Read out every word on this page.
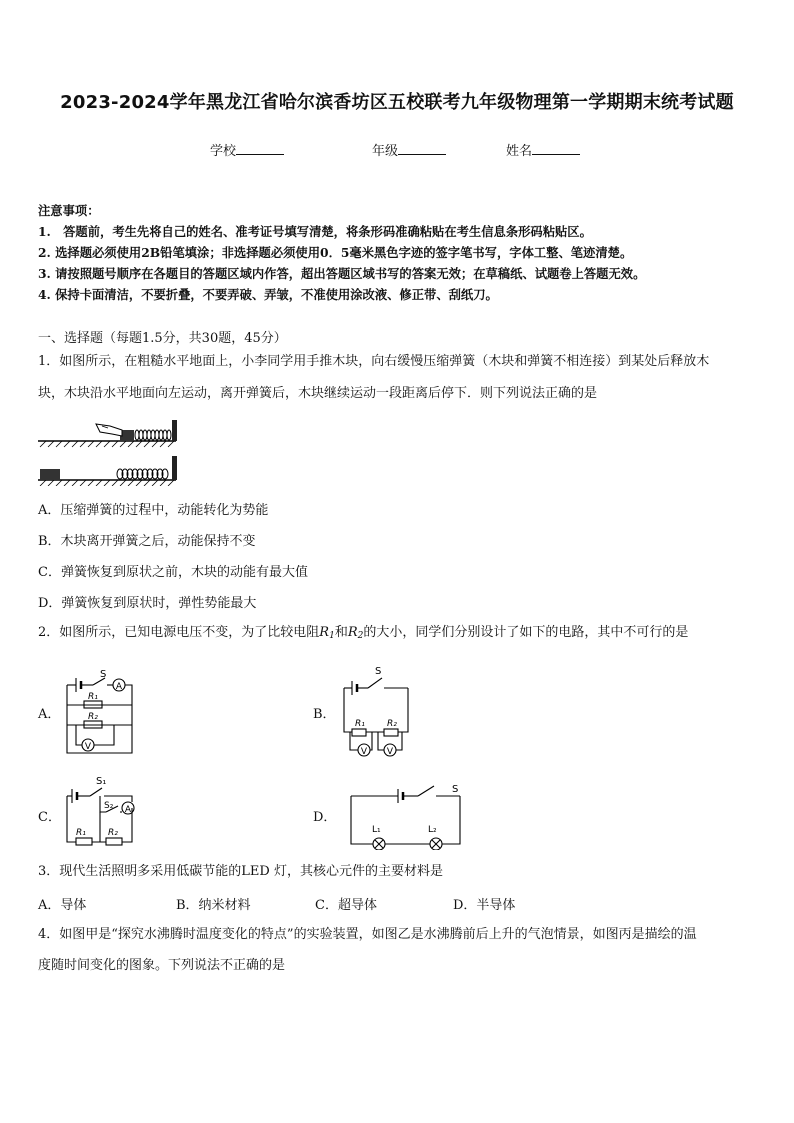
2023-2024学年黑龙江省哈尔滨香坊区五校联考九年级物理第一学期期末统考试题
学校	年级	姓名
注意事项：
1.　答题前，考生先将自己的姓名、准考证号填写清楚，将条形码准确粘贴在考生信息条形码粘贴区。
2. 选择题必须使用2B铅笔填涂；非选择题必须使用0．5毫米黑色字迹的签字笔书写，字体工整、笔迹清楚。
3. 请按照题号顺序在各题目的答题区域内作答，超出答题区域书写的答案无效；在草稿纸、试题卷上答题无效。
4. 保持卡面清洁，不要折叠，不要弄破、弄皱，不准使用涂改液、修正带、刮纸刀。
一、选择题（每题1.5分，共30题，45分）
1．如图所示，在粗糙水平地面上，小李同学用手推木块，向右缓慢压缩弹簧（木块和弹簧不相连接）到某处后释放木
块，木块沿水平地面向左运动，离开弹簧后，木块继续运动一段距离后停下．则下列说法正确的是
A．压缩弹簧的过程中，动能转化为势能
B．木块离开弹簧之后，动能保持不变
C．弹簧恢复到原状之前，木块的动能有最大值
D．弹簧恢复到原状时，弹性势能最大
2．如图所示，已知电源电压不变，为了比较电阻$R_1$和$R_2$的大小，同学们分别设计了如下的电路，其中不可行的是
A．
S
A
R₁
R₂
V
B．
S
R₁ R₂
V V
C．
S₁
S₂ A
R₁ R₂
D．
S
L₁	L₂
3．现代生活照明多采用低碳节能的LED 灯，其核心元件的主要材料是
A．导体	B．纳米材料	C．超导体	D．半导体
4．如图甲是“探究水沸腾时温度变化的特点”的实验装置，如图乙是水沸腾前后上升的气泡情景，如图丙是描绘的温
度随时间变化的图象。下列说法不正确的是
